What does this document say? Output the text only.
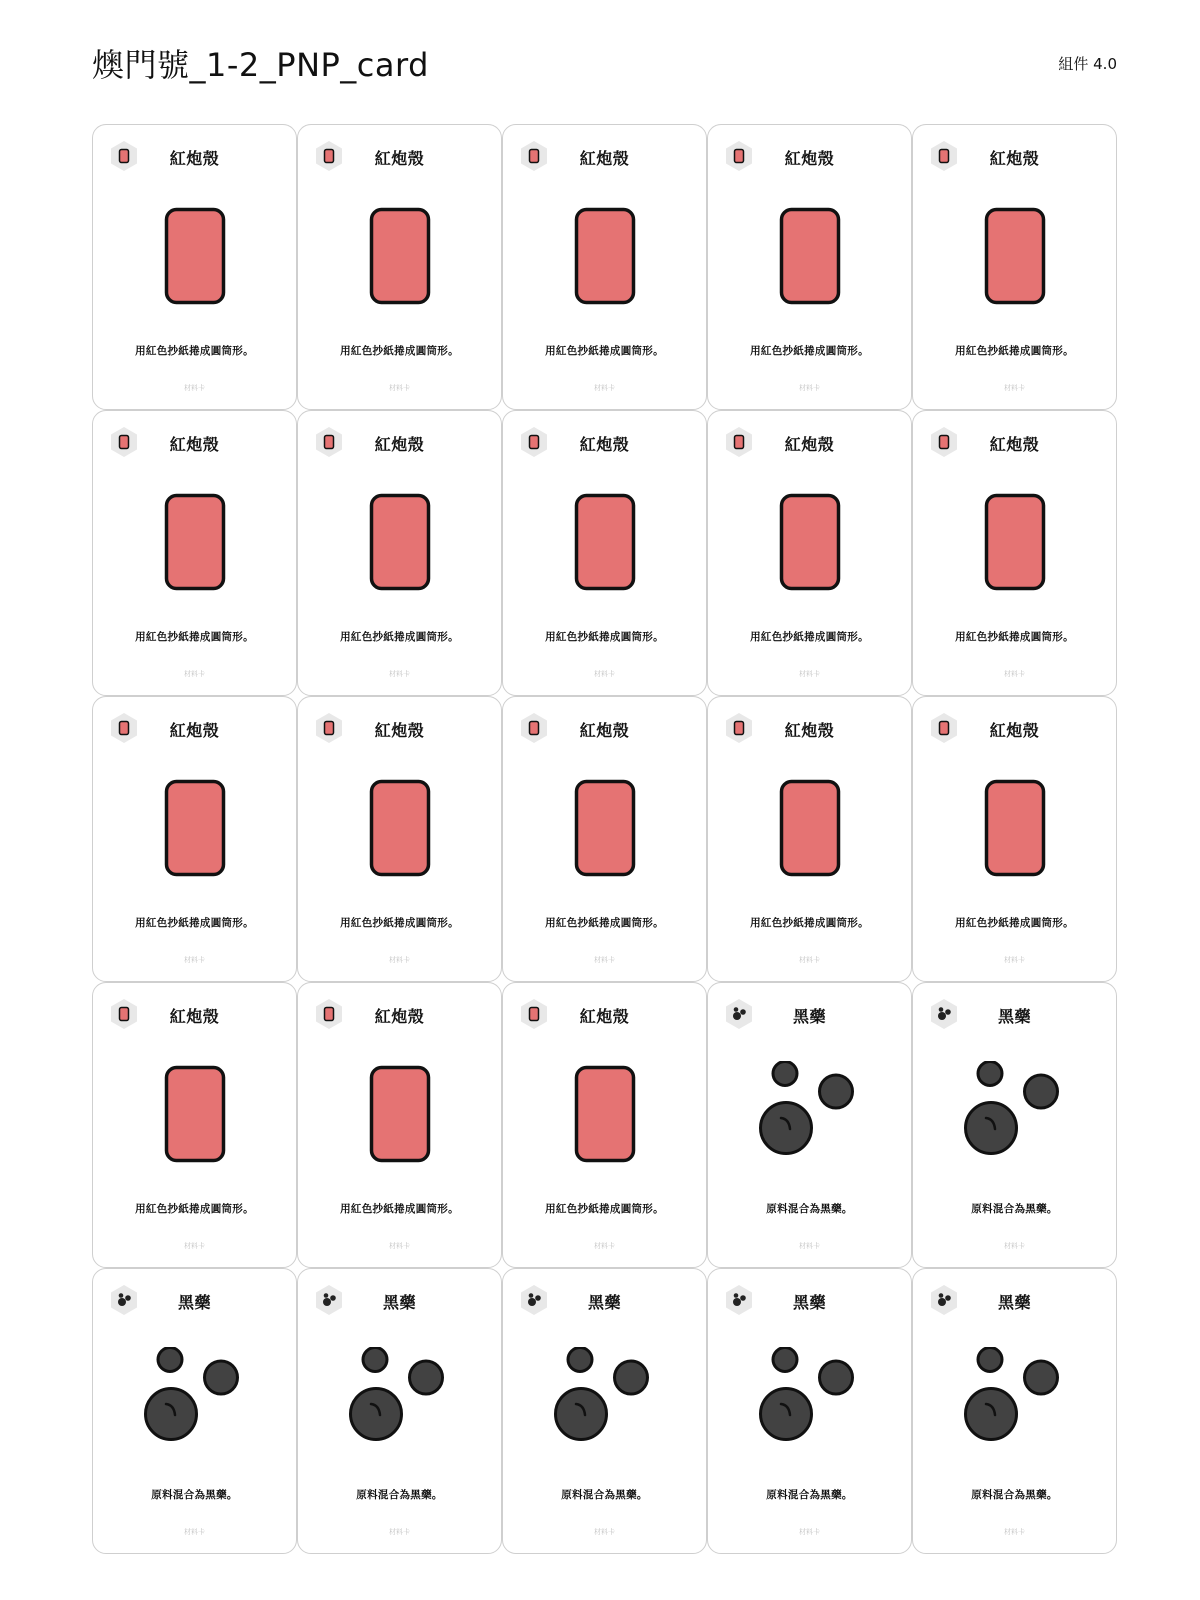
燠門號_1-2_PNP_card	組件 4.0
紅炮殼
用紅色抄紙捲成圓筒形。
材料卡
紅炮殼
用紅色抄紙捲成圓筒形。
材料卡
紅炮殼
用紅色抄紙捲成圓筒形。
材料卡
紅炮殼
用紅色抄紙捲成圓筒形。
材料卡
紅炮殼
用紅色抄紙捲成圓筒形。
材料卡
紅炮殼
用紅色抄紙捲成圓筒形。
材料卡
紅炮殼
用紅色抄紙捲成圓筒形。
材料卡
紅炮殼
用紅色抄紙捲成圓筒形。
材料卡
紅炮殼
用紅色抄紙捲成圓筒形。
材料卡
紅炮殼
用紅色抄紙捲成圓筒形。
材料卡
紅炮殼
用紅色抄紙捲成圓筒形。
材料卡
紅炮殼
用紅色抄紙捲成圓筒形。
材料卡
紅炮殼
用紅色抄紙捲成圓筒形。
材料卡
紅炮殼
用紅色抄紙捲成圓筒形。
材料卡
紅炮殼
用紅色抄紙捲成圓筒形。
材料卡
紅炮殼
用紅色抄紙捲成圓筒形。
材料卡
紅炮殼
用紅色抄紙捲成圓筒形。
材料卡
紅炮殼
用紅色抄紙捲成圓筒形。
材料卡
黑藥
原料混合為黑藥。
材料卡
黑藥
原料混合為黑藥。
材料卡
黑藥
原料混合為黑藥。
材料卡
黑藥
原料混合為黑藥。
材料卡
黑藥
原料混合為黑藥。
材料卡
黑藥
原料混合為黑藥。
材料卡
黑藥
原料混合為黑藥。
材料卡
